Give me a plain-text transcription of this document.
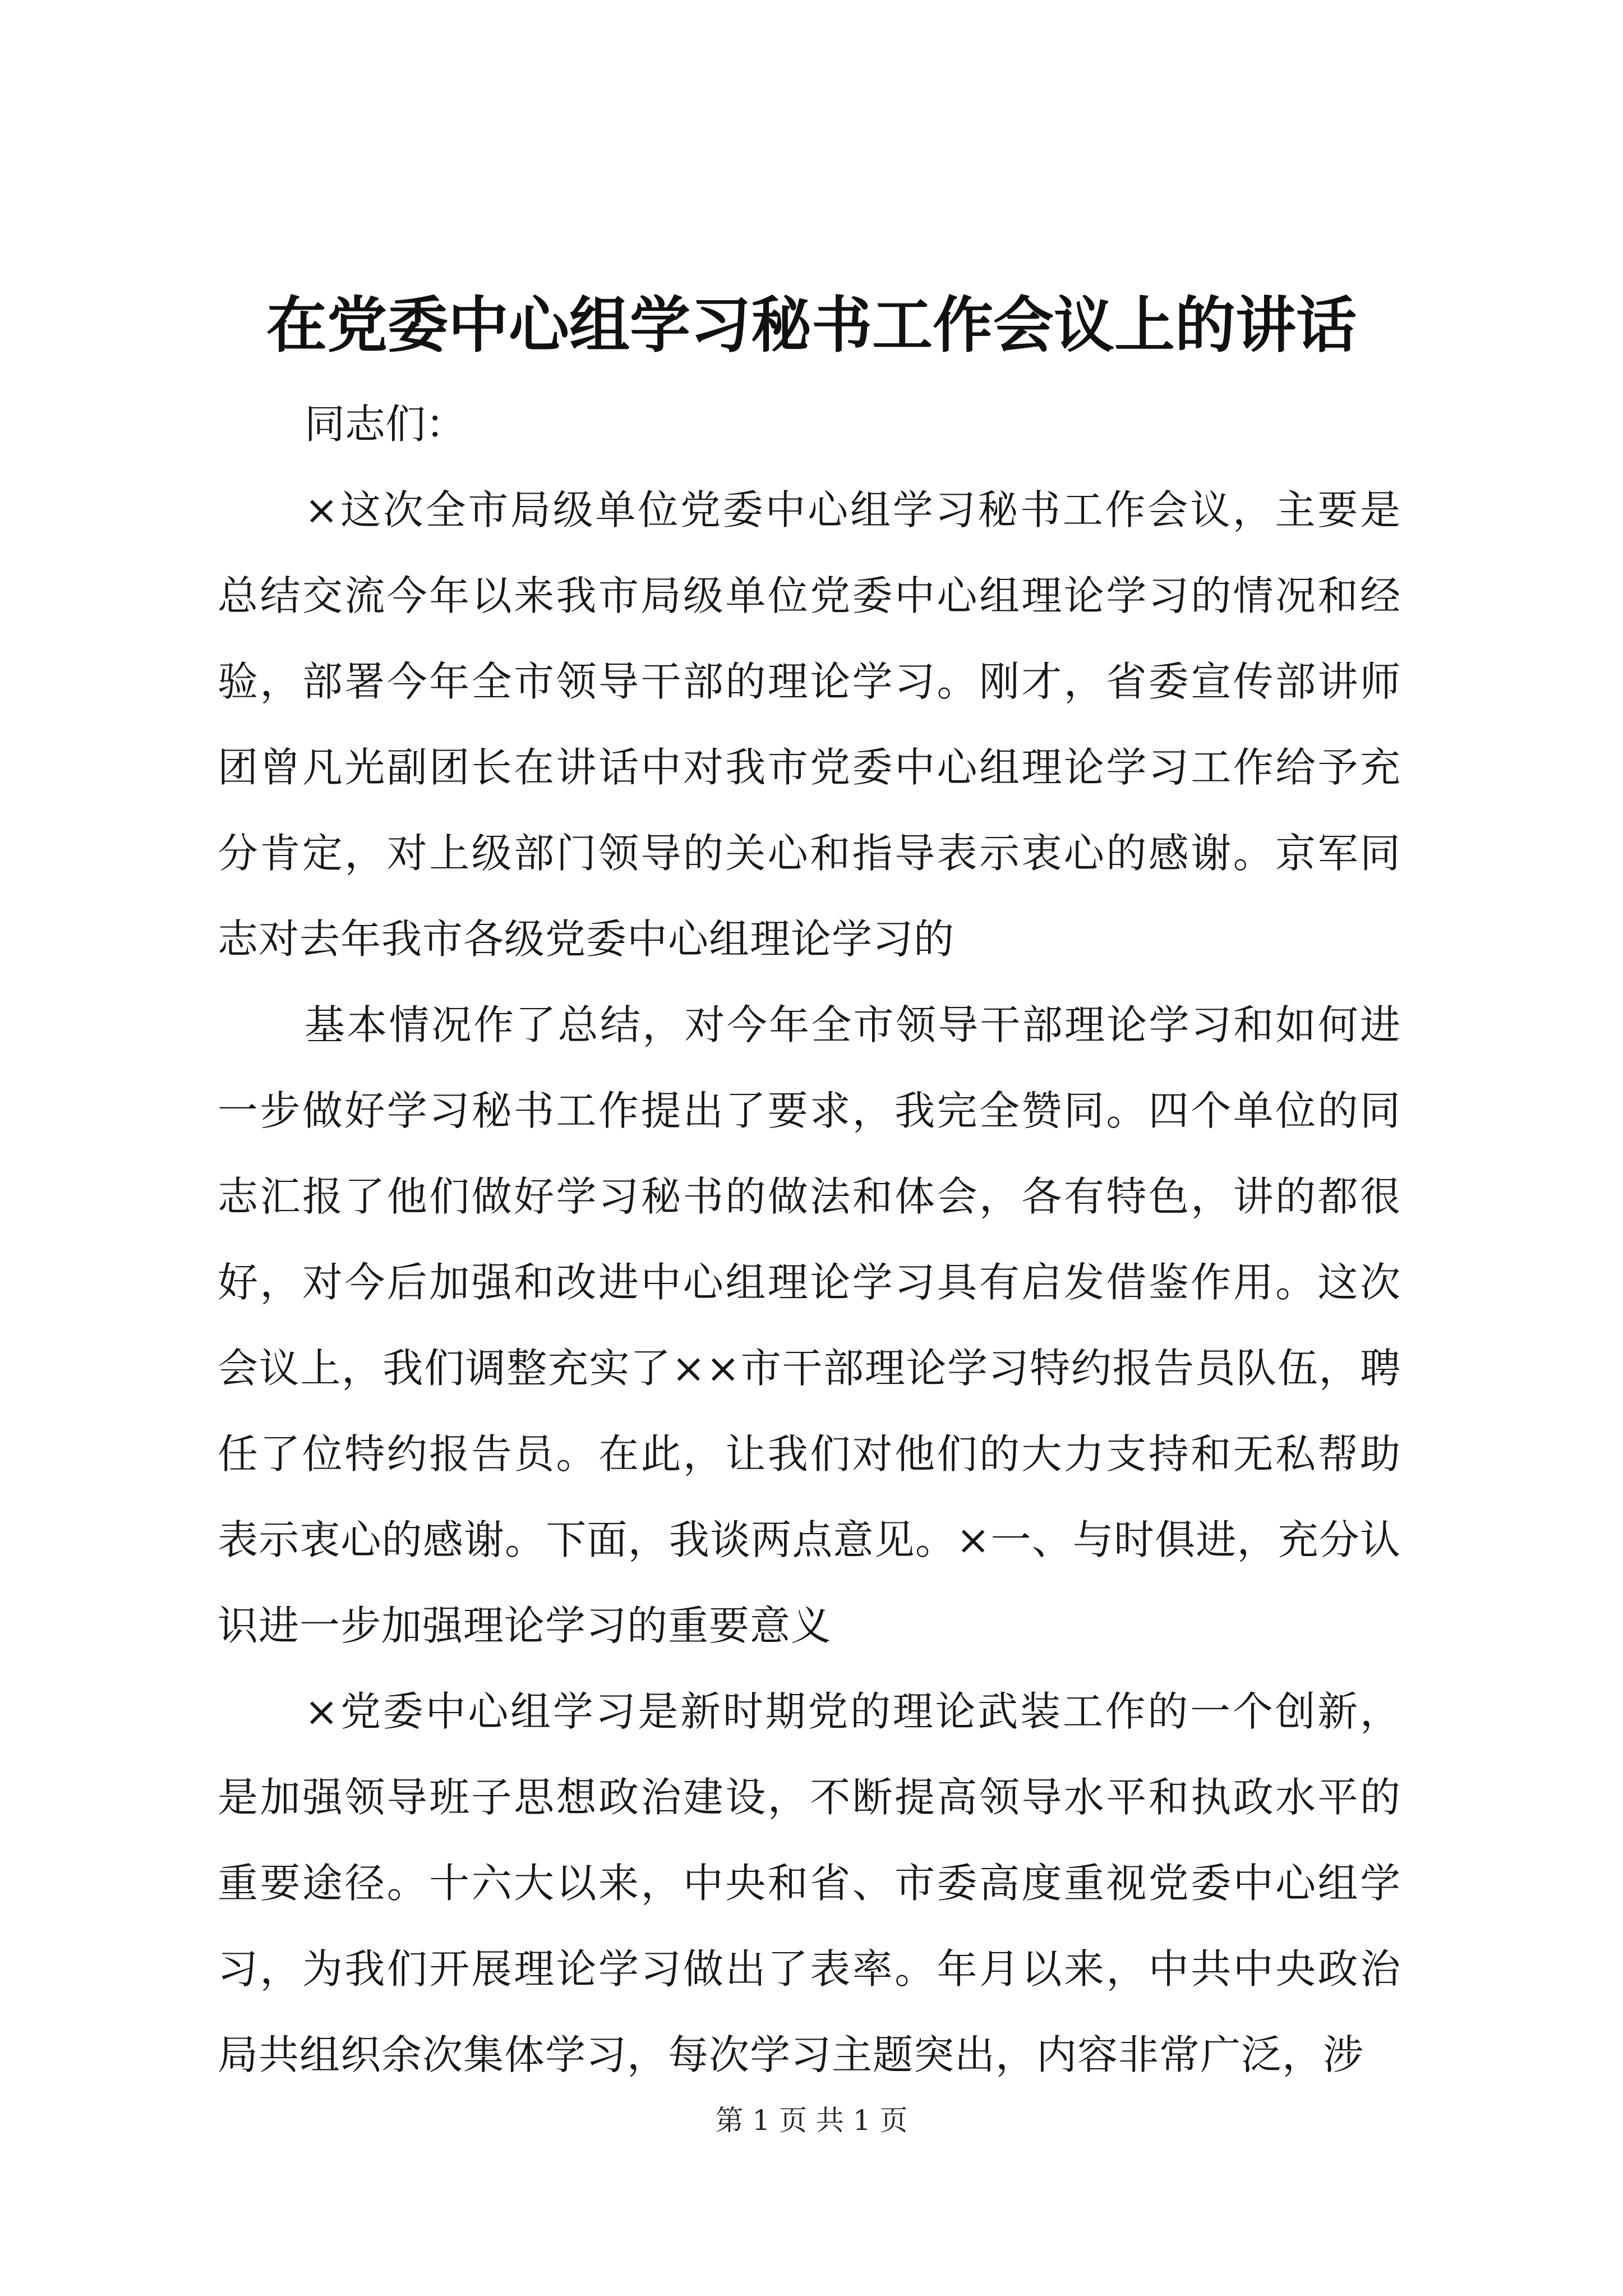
在党委中心组学习秘书工作会议上的讲话

同志们：

×这次全市局级单位党委中心组学习秘书工作会议，主要是总结交流今年以来我市局级单位党委中心组理论学习的情况和经验，部署今年全市领导干部的理论学习。刚才，省委宣传部讲师团曾凡光副团长在讲话中对我市党委中心组理论学习工作给予充分肯定，对上级部门领导的关心和指导表示衷心的感谢。京军同志对去年我市各级党委中心组理论学习的

基本情况作了总结，对今年全市领导干部理论学习和如何进一步做好学习秘书工作提出了要求，我完全赞同。四个单位的同志汇报了他们做好学习秘书的做法和体会，各有特色，讲的都很好，对今后加强和改进中心组理论学习具有启发借鉴作用。这次会议上，我们调整充实了××市干部理论学习特约报告员队伍，聘任了位特约报告员。在此，让我们对他们的大力支持和无私帮助表示衷心的感谢。下面，我谈两点意见。×一、与时俱进，充分认识进一步加强理论学习的重要意义

×党委中心组学习是新时期党的理论武装工作的一个创新，是加强领导班子思想政治建设，不断提高领导水平和执政水平的重要途径。十六大以来，中央和省、市委高度重视党委中心组学习，为我们开展理论学习做出了表率。年月以来，中共中央政治局共组织余次集体学习，每次学习主题突出，内容非常广泛，涉

第 1 页 共 1 页
